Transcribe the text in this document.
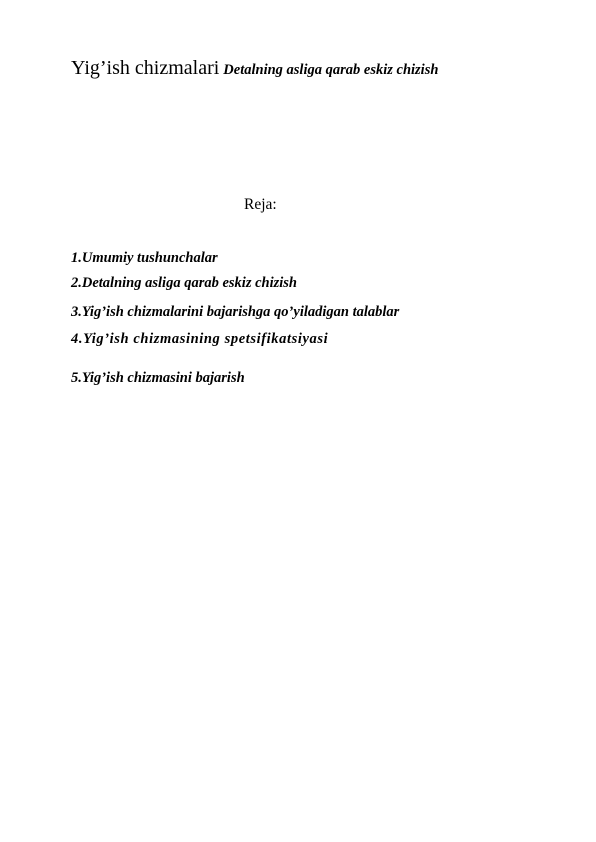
Yig’ish chizmalari Detalning asliga qarab eskiz chizish
Reja:
1.Umumiy tushunchalar
2.Detalning asliga qarab eskiz chizish
3.Yig’ish chizmalarini bajarishga qo’yiladigan talablar
4.Yig’ish chizmasining spetsifikatsiyasi
5.Yig’ish chizmasini bajarish
